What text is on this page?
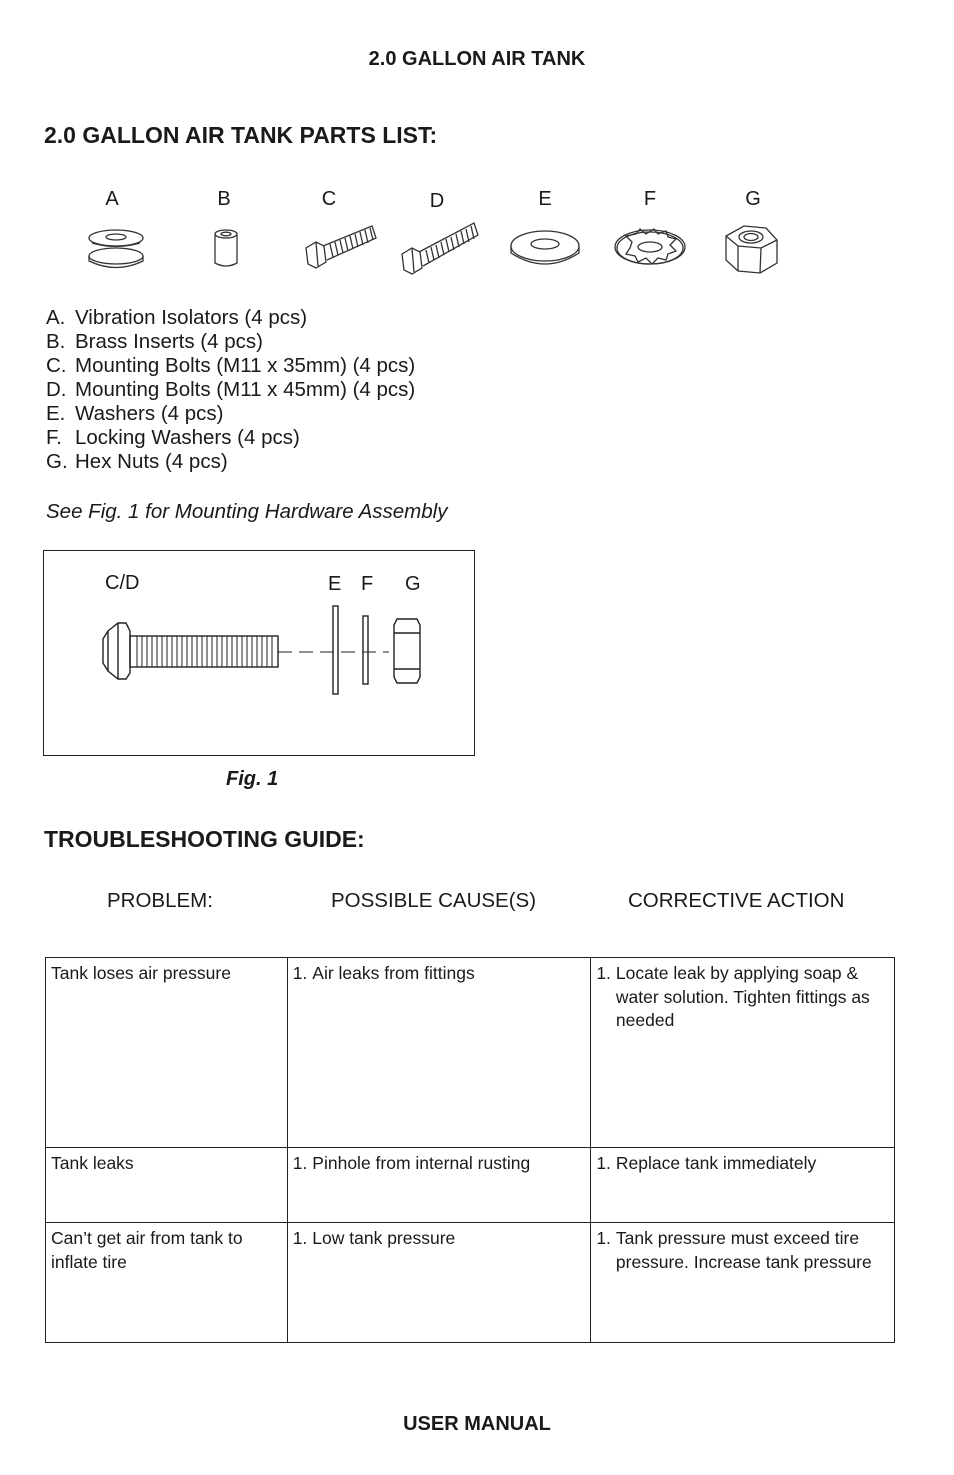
2.0 GALLON AIR TANK
2.0 GALLON AIR TANK PARTS LIST:
A	B	C	D	E	F	G
A. Vibration Isolators (4 pcs)
B. Brass Inserts (4 pcs)
C. Mounting Bolts (M11 x 35mm) (4 pcs)
D. Mounting Bolts (M11 x 45mm) (4 pcs)
E. Washers (4 pcs)
F. Locking Washers (4 pcs)
G. Hex Nuts (4 pcs)
See Fig. 1 for Mounting Hardware Assembly
C/D	E F G
Fig. 1
TROUBLESHOOTING GUIDE:
PROBLEM:	POSSIBLE CAUSE(S)	CORRECTIVE ACTION
Tank loses air pressure	1. Air leaks from fittings	1. Locate leak by applying soap & water solution. Tighten fittings as needed

Tank leaks	1. Pinhole from internal rusting	1. Replace tank immediately

Can’t get air from tank to inflate tire	1. Low tank pressure	1. Tank pressure must exceed tire pressure. Increase tank pressure
USER MANUAL
